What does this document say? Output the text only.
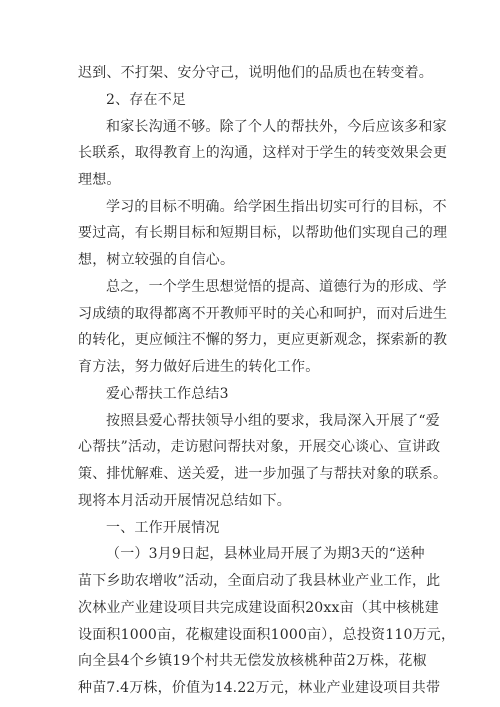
迟到、不打架、安分守己，说明他们的品质也在转变着。
2、存在不足
和家长沟通不够。除了个人的帮扶外，今后应该多和家
长联系，取得教育上的沟通，这样对于学生的转变效果会更
理想。
学习的目标不明确。给学困生指出切实可行的目标，不
要过高，有长期目标和短期目标，以帮助他们实现自己的理
想，树立较强的自信心。
总之，一个学生思想觉悟的提高、道德行为的形成、学
习成绩的取得都离不开教师平时的关心和呵护，而对后进生
的转化，更应倾注不懈的努力，更应更新观念，探索新的教
育方法，努力做好后进生的转化工作。
爱心帮扶工作总结3
按照县爱心帮扶领导小组的要求，我局深入开展了“爱
心帮扶”活动，走访慰问帮扶对象，开展交心谈心、宣讲政
策、排忧解难、送关爱，进一步加强了与帮扶对象的联系。
现将本月活动开展情况总结如下。
一、工作开展情况
（一）3月9日起，县林业局开展了为期3天的“送种
苗下乡助农增收”活动，全面启动了我县林业产业工作，此
次林业产业建设项目共完成建设面积20xx亩（其中核桃建
设面积1000亩，花椒建设面积1000亩），总投资110万元，
向全县4个乡镇19个村共无偿发放核桃种苗2万株，花椒
种苗7.4万株，价值为14.22万元，林业产业建设项目共带
